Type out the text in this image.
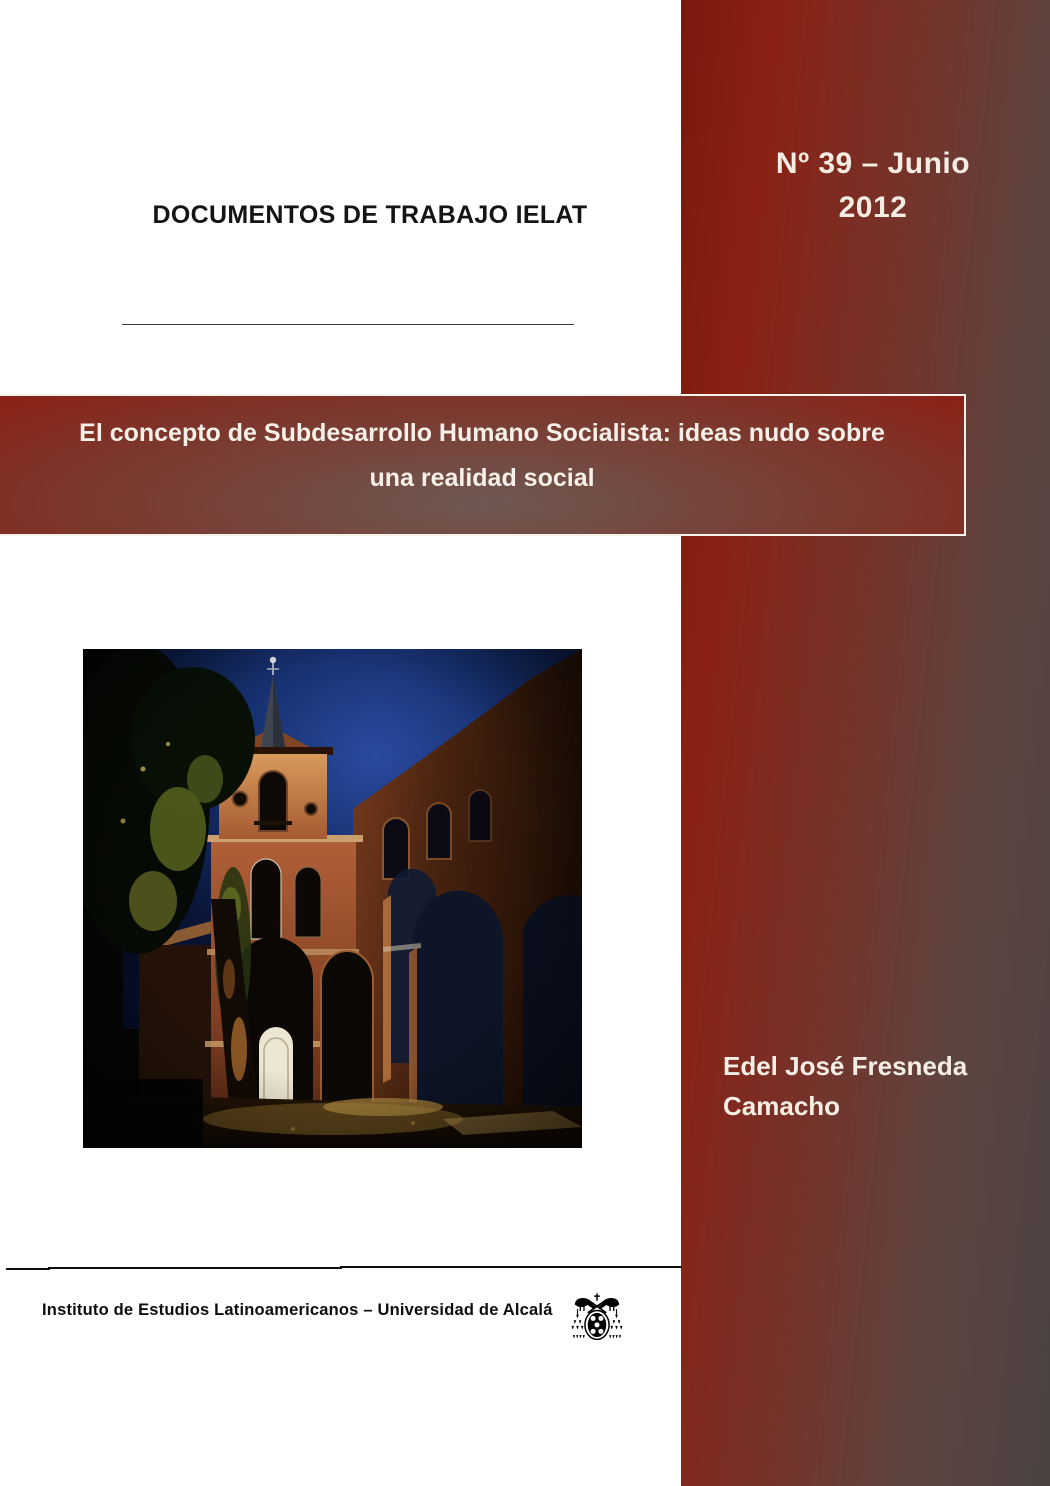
Nº 39 – Junio
2012
DOCUMENTOS DE TRABAJO IELAT
El concepto de Subdesarrollo Humano Socialista: ideas nudo sobre
una realidad social
Edel José Fresneda Camacho
Instituto de Estudios Latinoamericanos – Universidad de Alcalá
